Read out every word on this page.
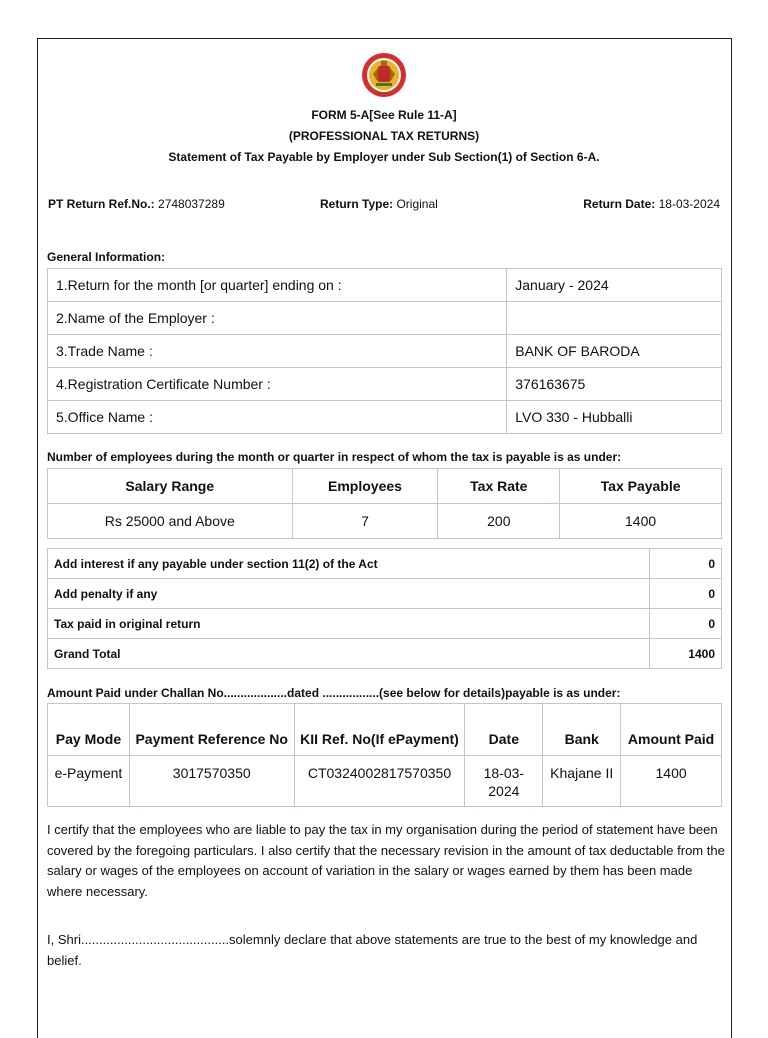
FORM 5-A[See Rule 11-A]
(PROFESSIONAL TAX RETURNS)
Statement of Tax Payable by Employer under Sub Section(1) of Section 6-A.
PT Return Ref.No.: 2748037289	Return Type: Original	Return Date: 18-03-2024
General Information:
1.Return for the month [or quarter] ending on :	January - 2024
2.Name of the Employer :	
3.Trade Name :	BANK OF BARODA
4.Registration Certificate Number :	376163675
5.Office Name :	LVO 330 - Hubballi
Number of employees during the month or quarter in respect of whom the tax is payable is as under:
Salary Range	Employees	Tax Rate	Tax Payable
Rs 25000 and Above	7	200	1400
Add interest if any payable under section 11(2) of the Act	0
Add penalty if any	0
Tax paid in original return	0
Grand Total	1400
Amount Paid under Challan No...................dated .................(see below for details)payable is as under:
Pay Mode	Payment Reference No	KII Ref. No(If ePayment)	Date	Bank	Amount Paid
e-Payment	3017570350	CT0324002817570350	18-03-2024	Khajane II	1400
I certify that the employees who are liable to pay the tax in my organisation during the period of statement have been covered by the foregoing particulars. I also certify that the necessary revision in the amount of tax deductable from the salary or wages of the employees on account of variation in the salary or wages earned by them has been made where necessary.
I, Shri.........................................solemnly declare that above statements are true to the best of my knowledge and belief.
